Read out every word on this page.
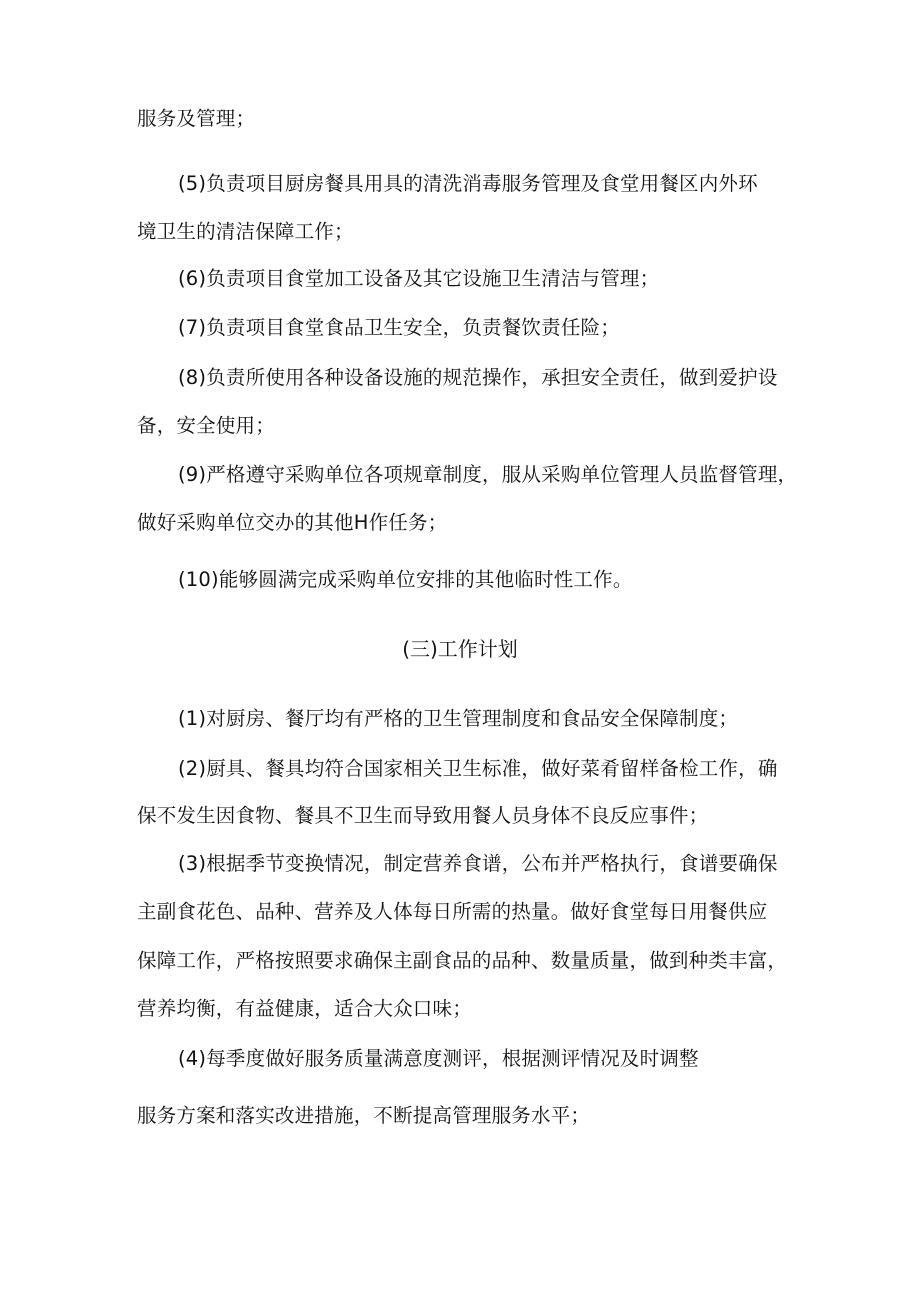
服务及管理；
(5)负责项目厨房餐具用具的清洗消毒服务管理及食堂用餐区内外环
境卫生的清洁保障工作；
(6)负责项目食堂加工设备及其它设施卫生清洁与管理；
(7)负责项目食堂食品卫生安全，负责餐饮责任险；
(8)负责所使用各种设备设施的规范操作，承担安全责任，做到爱护设
备，安全使用；
(9)严格遵守采购单位各项规章制度，服从采购单位管理人员监督管理，
做好采购单位交办的其他Η作任务；
(10)能够圆满完成采购单位安排的其他临时性工作。
(三)工作计划
(1)对厨房、餐厅均有严格的卫生管理制度和食品安全保障制度；
(2)厨具、餐具均符合国家相关卫生标准，做好菜肴留样备检工作，确
保不发生因食物、餐具不卫生而导致用餐人员身体不良反应事件；
(3)根据季节变换情况，制定营养食谱，公布并严格执行，食谱要确保
主副食花色、品种、营养及人体每日所需的热量。做好食堂每日用餐供应
保障工作，严格按照要求确保主副食品的品种、数量质量，做到种类丰富，
营养均衡，有益健康，适合大众口味；
(4)每季度做好服务质量满意度测评，根据测评情况及时调整
服务方案和落实改进措施，不断提高管理服务水平；
